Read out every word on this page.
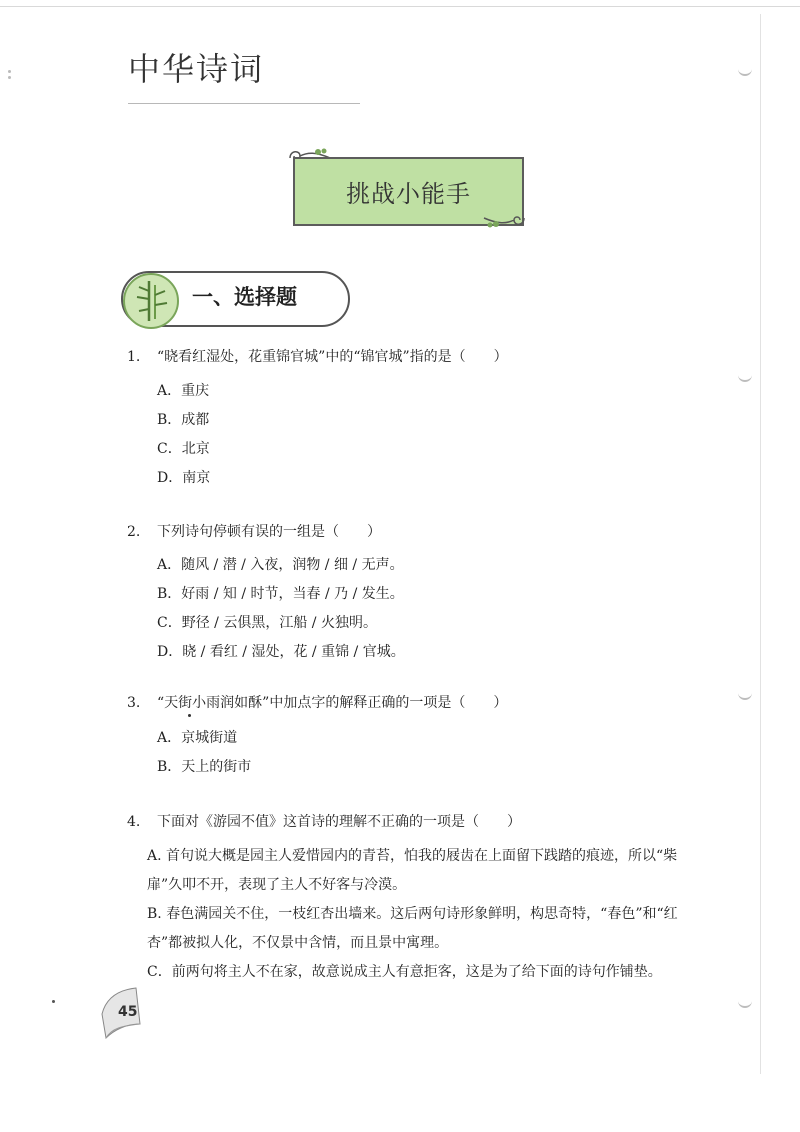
中华诗词
挑战小能手
一、选择题
1. “晓看红湿处，花重锦官城”中的“锦官城”指的是（　　）
A．重庆
B．成都
C．北京
D．南京
2. 下列诗句停顿有误的一组是（　　）
A．随风 / 潜 / 入夜，润物 / 细 / 无声。
B．好雨 / 知 / 时节，当春 / 乃 / 发生。
C．野径 / 云俱黑，江船 / 火独明。
D．晓 / 看红 / 湿处，花 / 重锦 / 官城。
3. “天街小雨润如酥”中加点字的解释正确的一项是（　　）
A．京城街道
B．天上的街市
4. 下面对《游园不值》这首诗的理解不正确的一项是（　　）
A. 首句说大概是园主人爱惜园内的青苔，怕我的屐齿在上面留下践踏的痕迹，所以“柴
扉”久叩不开，表现了主人不好客与冷漠。
B. 春色满园关不住，一枝红杏出墙来。这后两句诗形象鲜明，构思奇特，“春色”和“红
杏”都被拟人化，不仅景中含情，而且景中寓理。
C．前两句将主人不在家，故意说成主人有意拒客，这是为了给下面的诗句作铺垫。
45
